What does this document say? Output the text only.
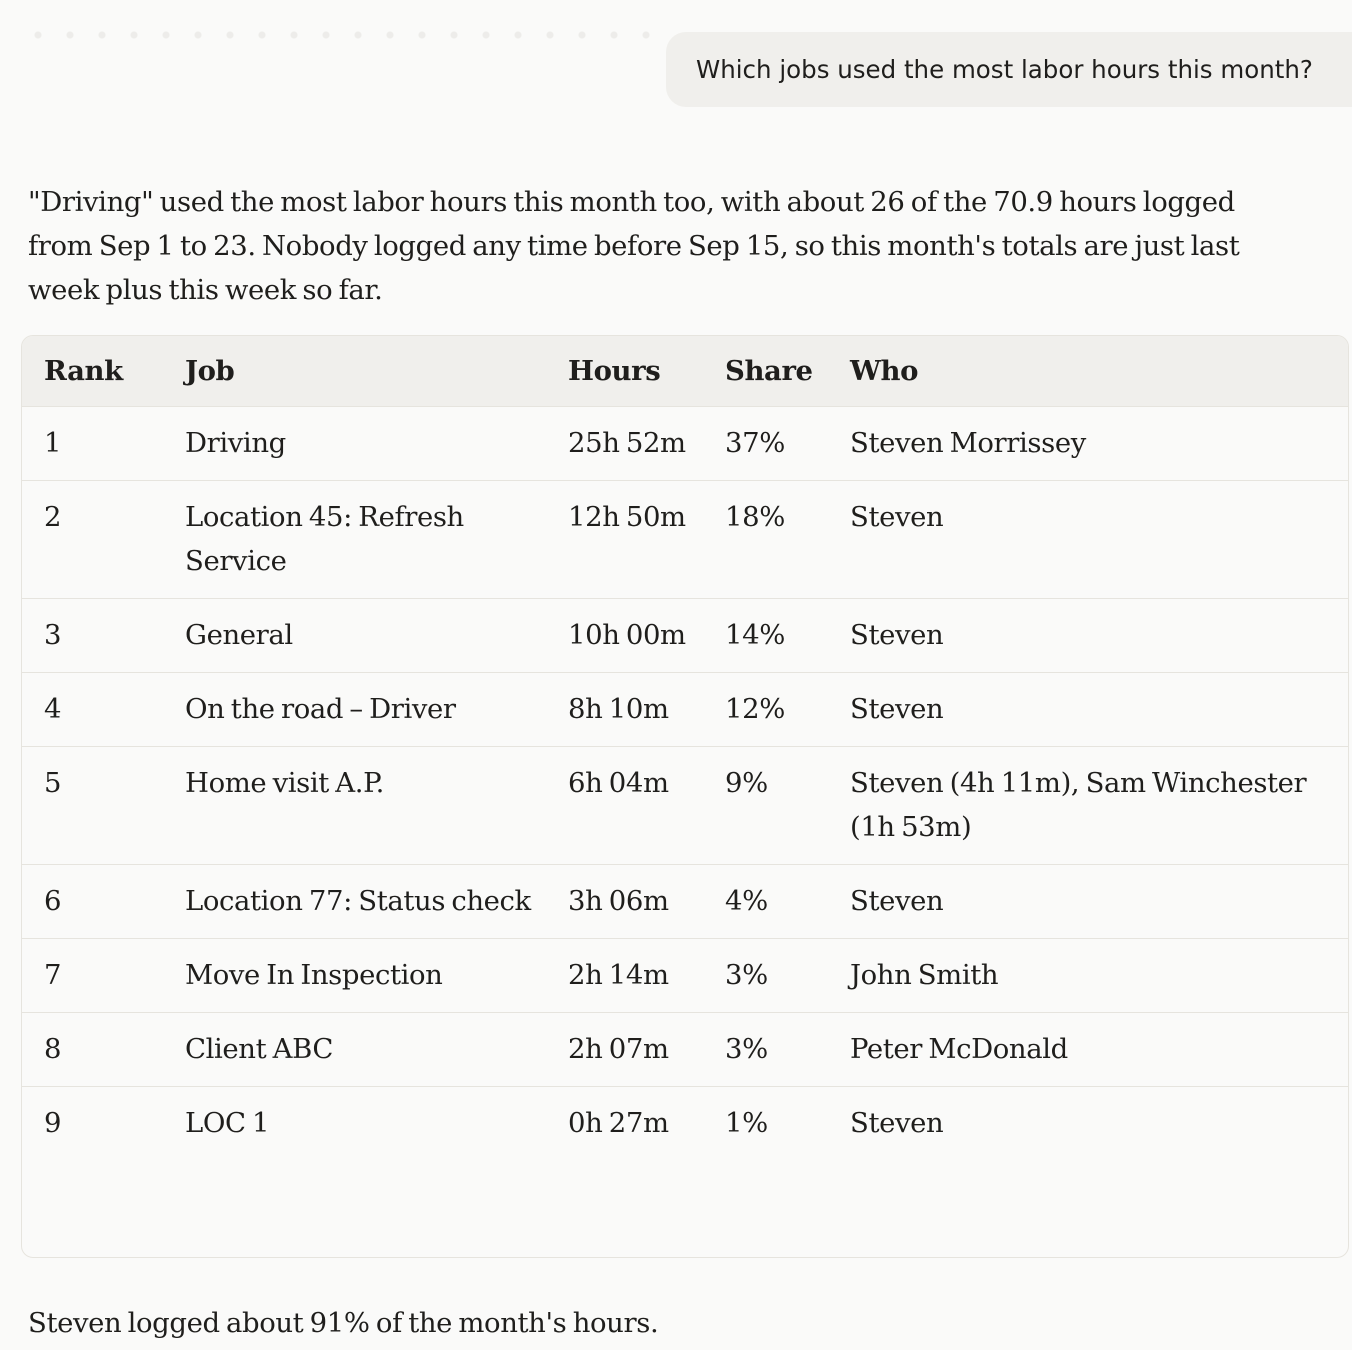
Which jobs used the most labor hours this month?

"Driving" used the most labor hours this month too, with about 26 of the 70.9 hours logged from Sep 1 to 23. Nobody logged any time before Sep 15, so this month's totals are just last week plus this week so far.

Rank	Job	Hours	Share	Who
1	Driving	25h 52m	37%	Steven Morrissey
2	Location 45: Refresh Service	12h 50m	18%	Steven
3	General	10h 00m	14%	Steven
4	On the road – Driver	8h 10m	12%	Steven
5	Home visit A.P.	6h 04m	9%	Steven (4h 11m), Sam Winchester (1h 53m)
6	Location 77: Status check	3h 06m	4%	Steven
7	Move In Inspection	2h 14m	3%	John Smith
8	Client ABC	2h 07m	3%	Peter McDonald
9	LOC 1	0h 27m	1%	Steven

Steven logged about 91% of the month's hours.
